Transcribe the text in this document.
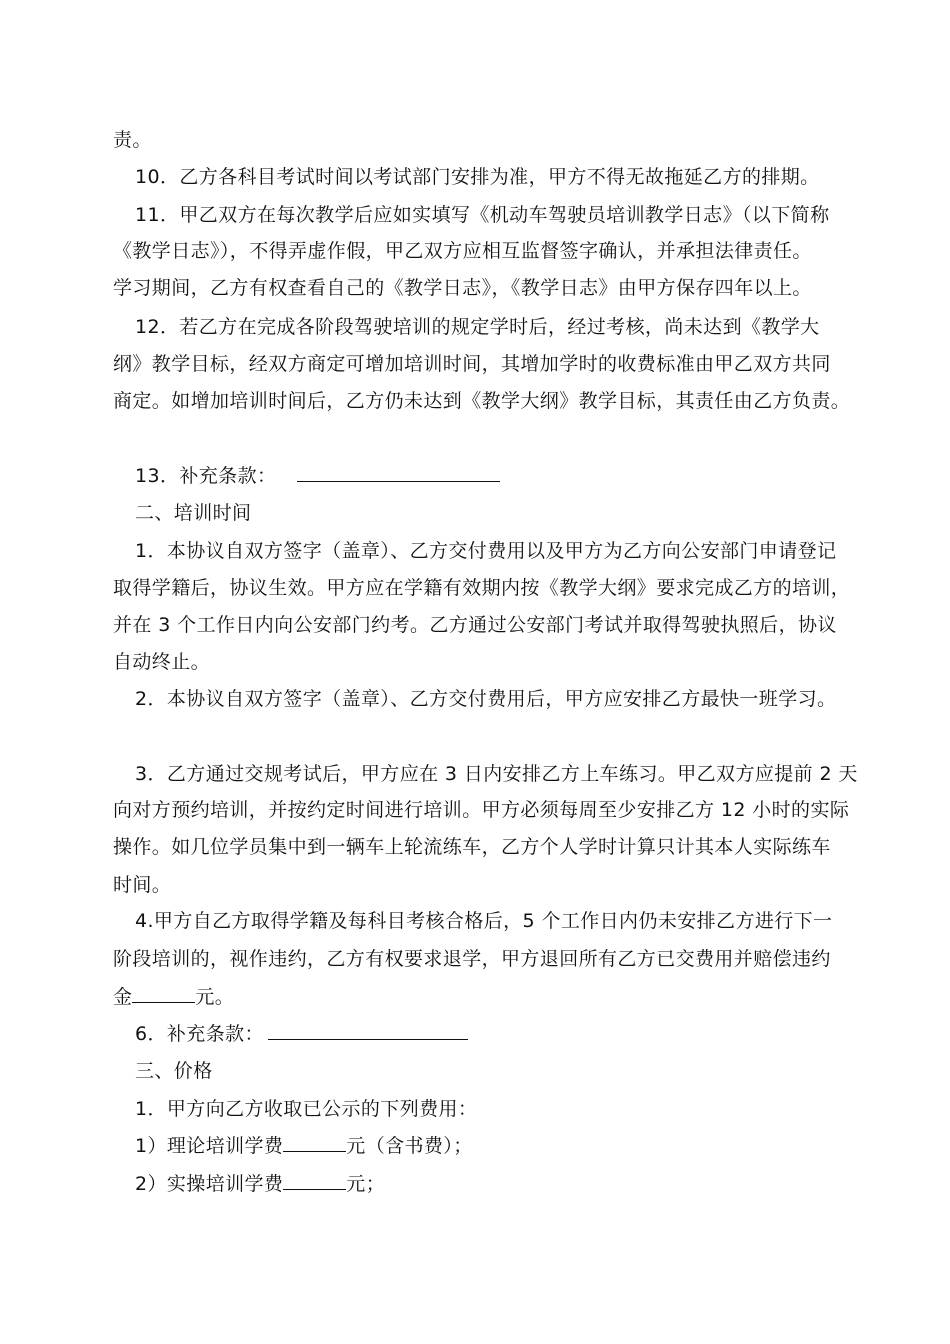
责。
10．乙方各科目考试时间以考试部门安排为准，甲方不得无故拖延乙方的排期。
11．甲乙双方在每次教学后应如实填写《机动车驾驶员培训教学日志》（以下简称
《教学日志》），不得弄虚作假，甲乙双方应相互监督签字确认，并承担法律责任。
学习期间，乙方有权查看自己的《教学日志》，《教学日志》由甲方保存四年以上。
12．若乙方在完成各阶段驾驶培训的规定学时后，经过考核，尚未达到《教学大
纲》教学目标，经双方商定可增加培训时间，其增加学时的收费标准由甲乙双方共同
商定。如增加培训时间后，乙方仍未达到《教学大纲》教学目标，其责任由乙方负责。
13．补充条款：
二、培训时间
1．本协议自双方签字（盖章）、乙方交付费用以及甲方为乙方向公安部门申请登记
取得学籍后，协议生效。甲方应在学籍有效期内按《教学大纲》要求完成乙方的培训，
并在 3 个工作日内向公安部门约考。乙方通过公安部门考试并取得驾驶执照后，协议
自动终止。
2．本协议自双方签字（盖章）、乙方交付费用后，甲方应安排乙方最快一班学习。
3．乙方通过交规考试后，甲方应在 3 日内安排乙方上车练习。甲乙双方应提前 2 天
向对方预约培训，并按约定时间进行培训。甲方必须每周至少安排乙方 12 小时的实际
操作。如几位学员集中到一辆车上轮流练车，乙方个人学时计算只计其本人实际练车
时间。
4.甲方自乙方取得学籍及每科目考核合格后，5 个工作日内仍未安排乙方进行下一
阶段培训的，视作违约，乙方有权要求退学，甲方退回所有乙方已交费用并赔偿违约
金	元。
6．补充条款：
三、价格
1．甲方向乙方收取已公示的下列费用：
1）理论培训学费	元（含书费）；
2）实操培训学费	元；
